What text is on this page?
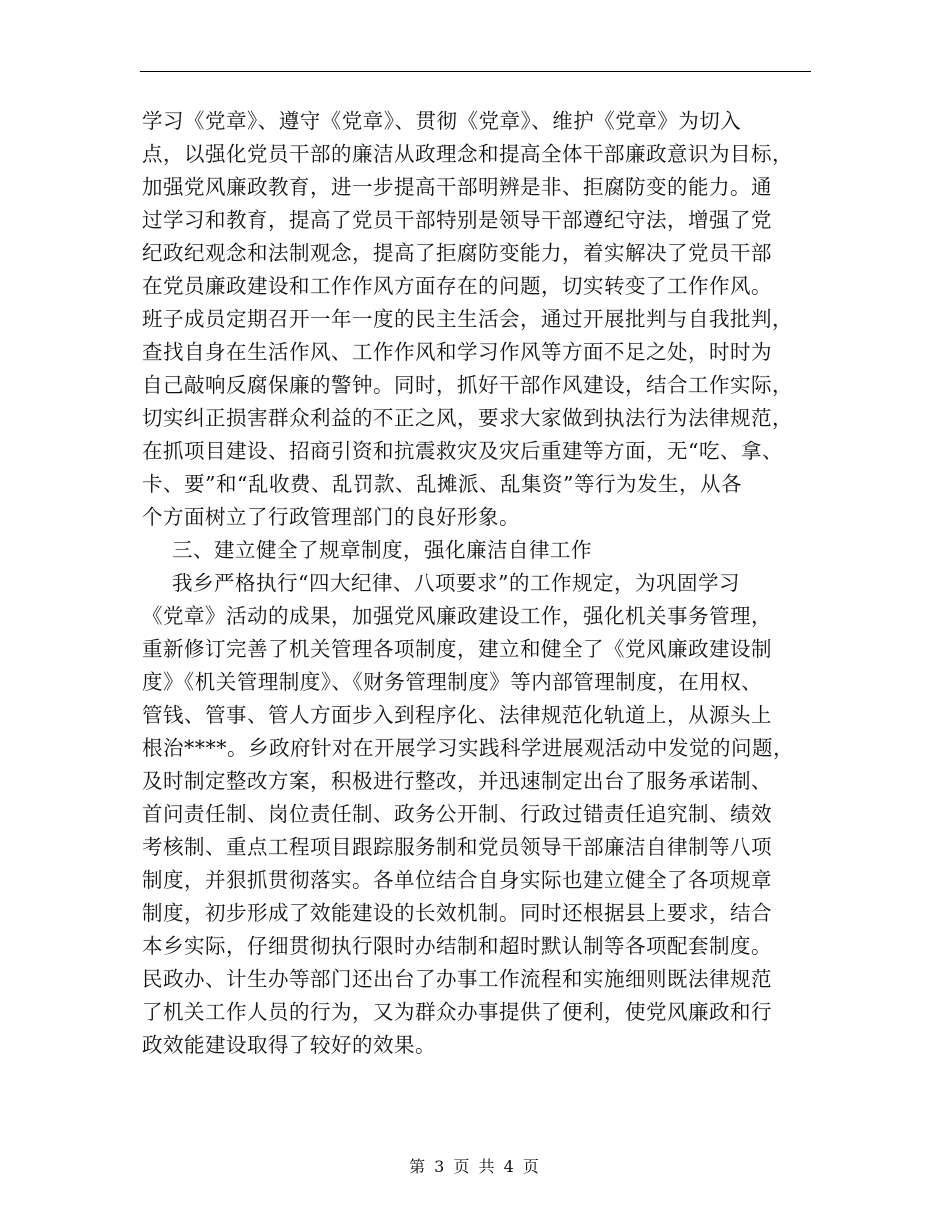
学习《党章》、遵守《党章》、贯彻《党章》、维护《党章》为切入
点，以强化党员干部的廉洁从政理念和提高全体干部廉政意识为目标，
加强党风廉政教育，进一步提高干部明辨是非、拒腐防变的能力。通
过学习和教育，提高了党员干部特别是领导干部遵纪守法，增强了党
纪政纪观念和法制观念，提高了拒腐防变能力，着实解决了党员干部
在党员廉政建设和工作作风方面存在的问题，切实转变了工作作风。
班子成员定期召开一年一度的民主生活会，通过开展批判与自我批判，
查找自身在生活作风、工作作风和学习作风等方面不足之处，时时为
自己敲响反腐保廉的警钟。同时，抓好干部作风建设，结合工作实际，
切实纠正损害群众利益的不正之风，要求大家做到执法行为法律规范，
在抓项目建设、招商引资和抗震救灾及灾后重建等方面，无“吃、拿、
卡、要”和“乱收费、乱罚款、乱摊派、乱集资”等行为发生，从各
个方面树立了行政管理部门的良好形象。
三、建立健全了规章制度，强化廉洁自律工作
我乡严格执行“四大纪律、八项要求”的工作规定，为巩固学习
《党章》活动的成果，加强党风廉政建设工作，强化机关事务管理，
重新修订完善了机关管理各项制度，建立和健全了《党风廉政建设制
度》《机关管理制度》、《财务管理制度》等内部管理制度，在用权、
管钱、管事、管人方面步入到程序化、法律规范化轨道上，从源头上
根治****。乡政府针对在开展学习实践科学进展观活动中发觉的问题，
及时制定整改方案，积极进行整改，并迅速制定出台了服务承诺制、
首问责任制、岗位责任制、政务公开制、行政过错责任追究制、绩效
考核制、重点工程项目跟踪服务制和党员领导干部廉洁自律制等八项
制度，并狠抓贯彻落实。各单位结合自身实际也建立健全了各项规章
制度，初步形成了效能建设的长效机制。同时还根据县上要求，结合
本乡实际，仔细贯彻执行限时办结制和超时默认制等各项配套制度。
民政办、计生办等部门还出台了办事工作流程和实施细则既法律规范
了机关工作人员的行为，又为群众办事提供了便利，使党风廉政和行
政效能建设取得了较好的效果。
第 3 页 共 4 页
